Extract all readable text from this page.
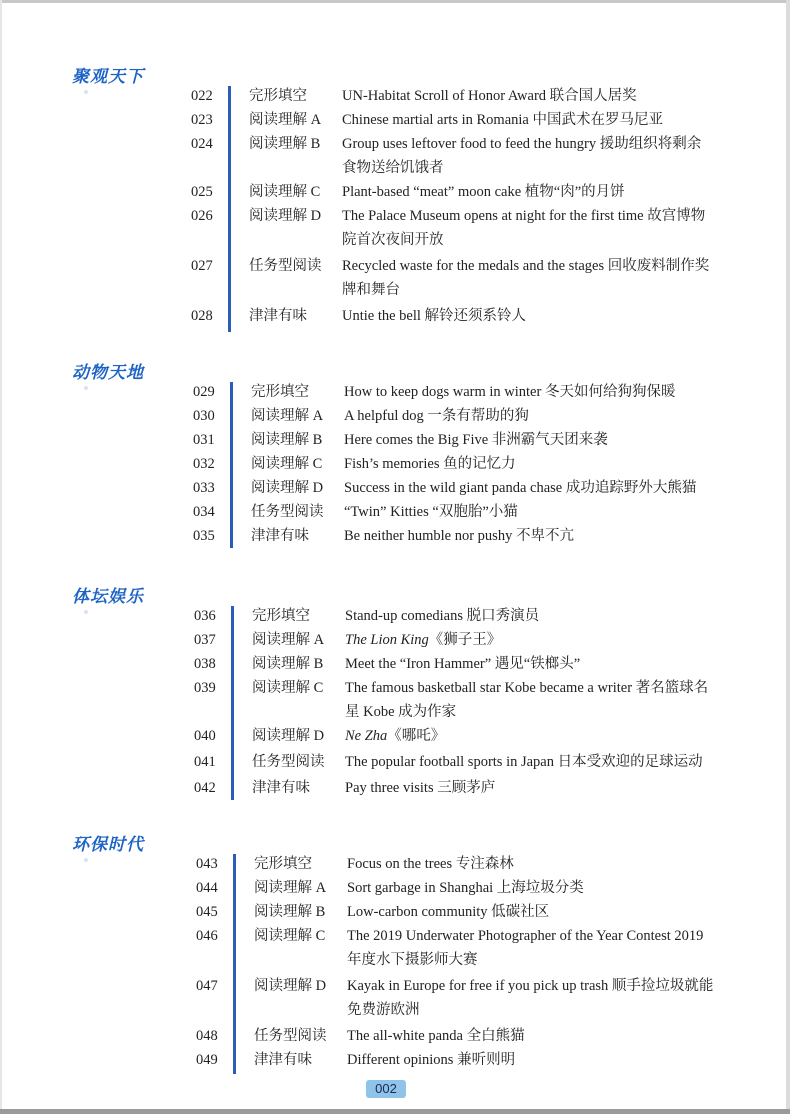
聚观天下
022	完形填空 UN-Habitat Scroll of Honor Award 联合国人居奖
023	阅读理解 A Chinese martial arts in Romania 中国武术在罗马尼亚
024	阅读理解 B Group uses leftover food to feed the hungry 援助组织将剩余
食物送给饥饿者
025	阅读理解 C Plant-based “meat” moon cake 植物“肉”的月饼
026	阅读理解 D The Palace Museum opens at night for the first time 故宫博物
院首次夜间开放
027	任务型阅读 Recycled waste for the medals and the stages 回收废料制作奖
牌和舞台
028	津津有味 Untie the bell 解铃还须系铃人
动物天地
029	完形填空 How to keep dogs warm in winter 冬天如何给狗狗保暖
030	阅读理解 A A helpful dog 一条有帮助的狗
031	阅读理解 B Here comes the Big Five 非洲霸气天团来袭
032	阅读理解 C Fish’s memories 鱼的记忆力
033	阅读理解 D Success in the wild giant panda chase 成功追踪野外大熊猫
034	任务型阅读 “Twin” Kitties “双胞胎”小猫
035	津津有味 Be neither humble nor pushy 不卑不亢
体坛娱乐
036	完形填空 Stand-up comedians 脱口秀演员
037	阅读理解 A The Lion King《狮子王》
038	阅读理解 B Meet the “Iron Hammer” 遇见“铁榔头”
039	阅读理解 C The famous basketball star Kobe became a writer 著名篮球名
星 Kobe 成为作家
040	阅读理解 D Ne Zha《哪吒》
041	任务型阅读 The popular football sports in Japan 日本受欢迎的足球运动
042	津津有味 Pay three visits 三顾茅庐
环保时代
043	完形填空 Focus on the trees 专注森林
044	阅读理解 A Sort garbage in Shanghai 上海垃圾分类
045	阅读理解 B Low-carbon community 低碳社区
046	阅读理解 C The 2019 Underwater Photographer of the Year Contest 2019
年度水下摄影师大赛
047	阅读理解 D Kayak in Europe for free if you pick up trash 顺手捡垃圾就能
免费游欧洲
048	任务型阅读 The all-white panda 全白熊猫
049	津津有味 Different opinions 兼听则明
002
